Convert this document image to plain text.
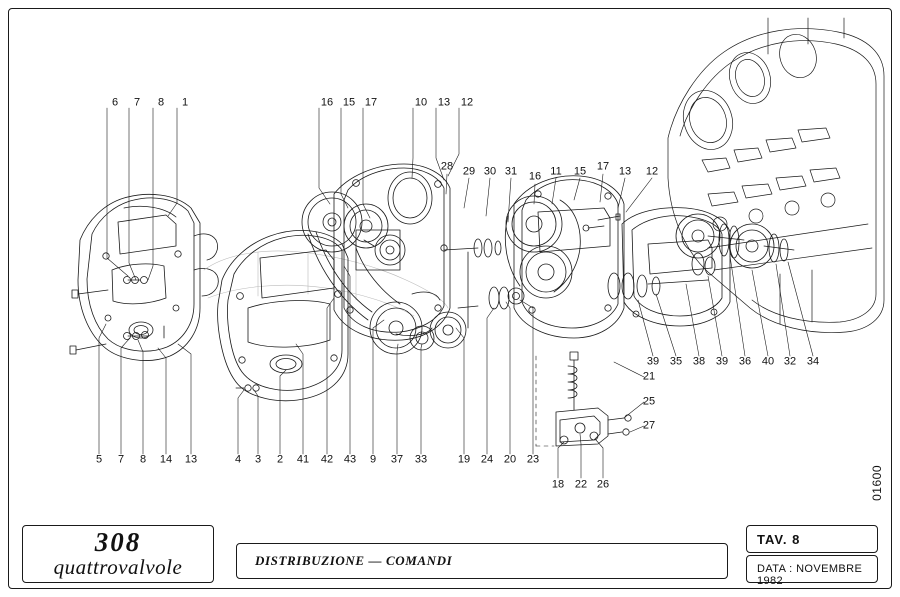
6 7 8 1	16 15 17	10 13 12
28 29 30 31 16 11 15 17 13 12
5 7 8 14 13	4 3 2 41 42 43 9 37 33	19 24 20 23
39 35 38 39 36 40 32 34
21
25
27
18 22 26	01600
308
quattrovalvole	DISTRIBUZIONE — COMANDI
TAV. 8
DATA : NOVEMBRE 1982
